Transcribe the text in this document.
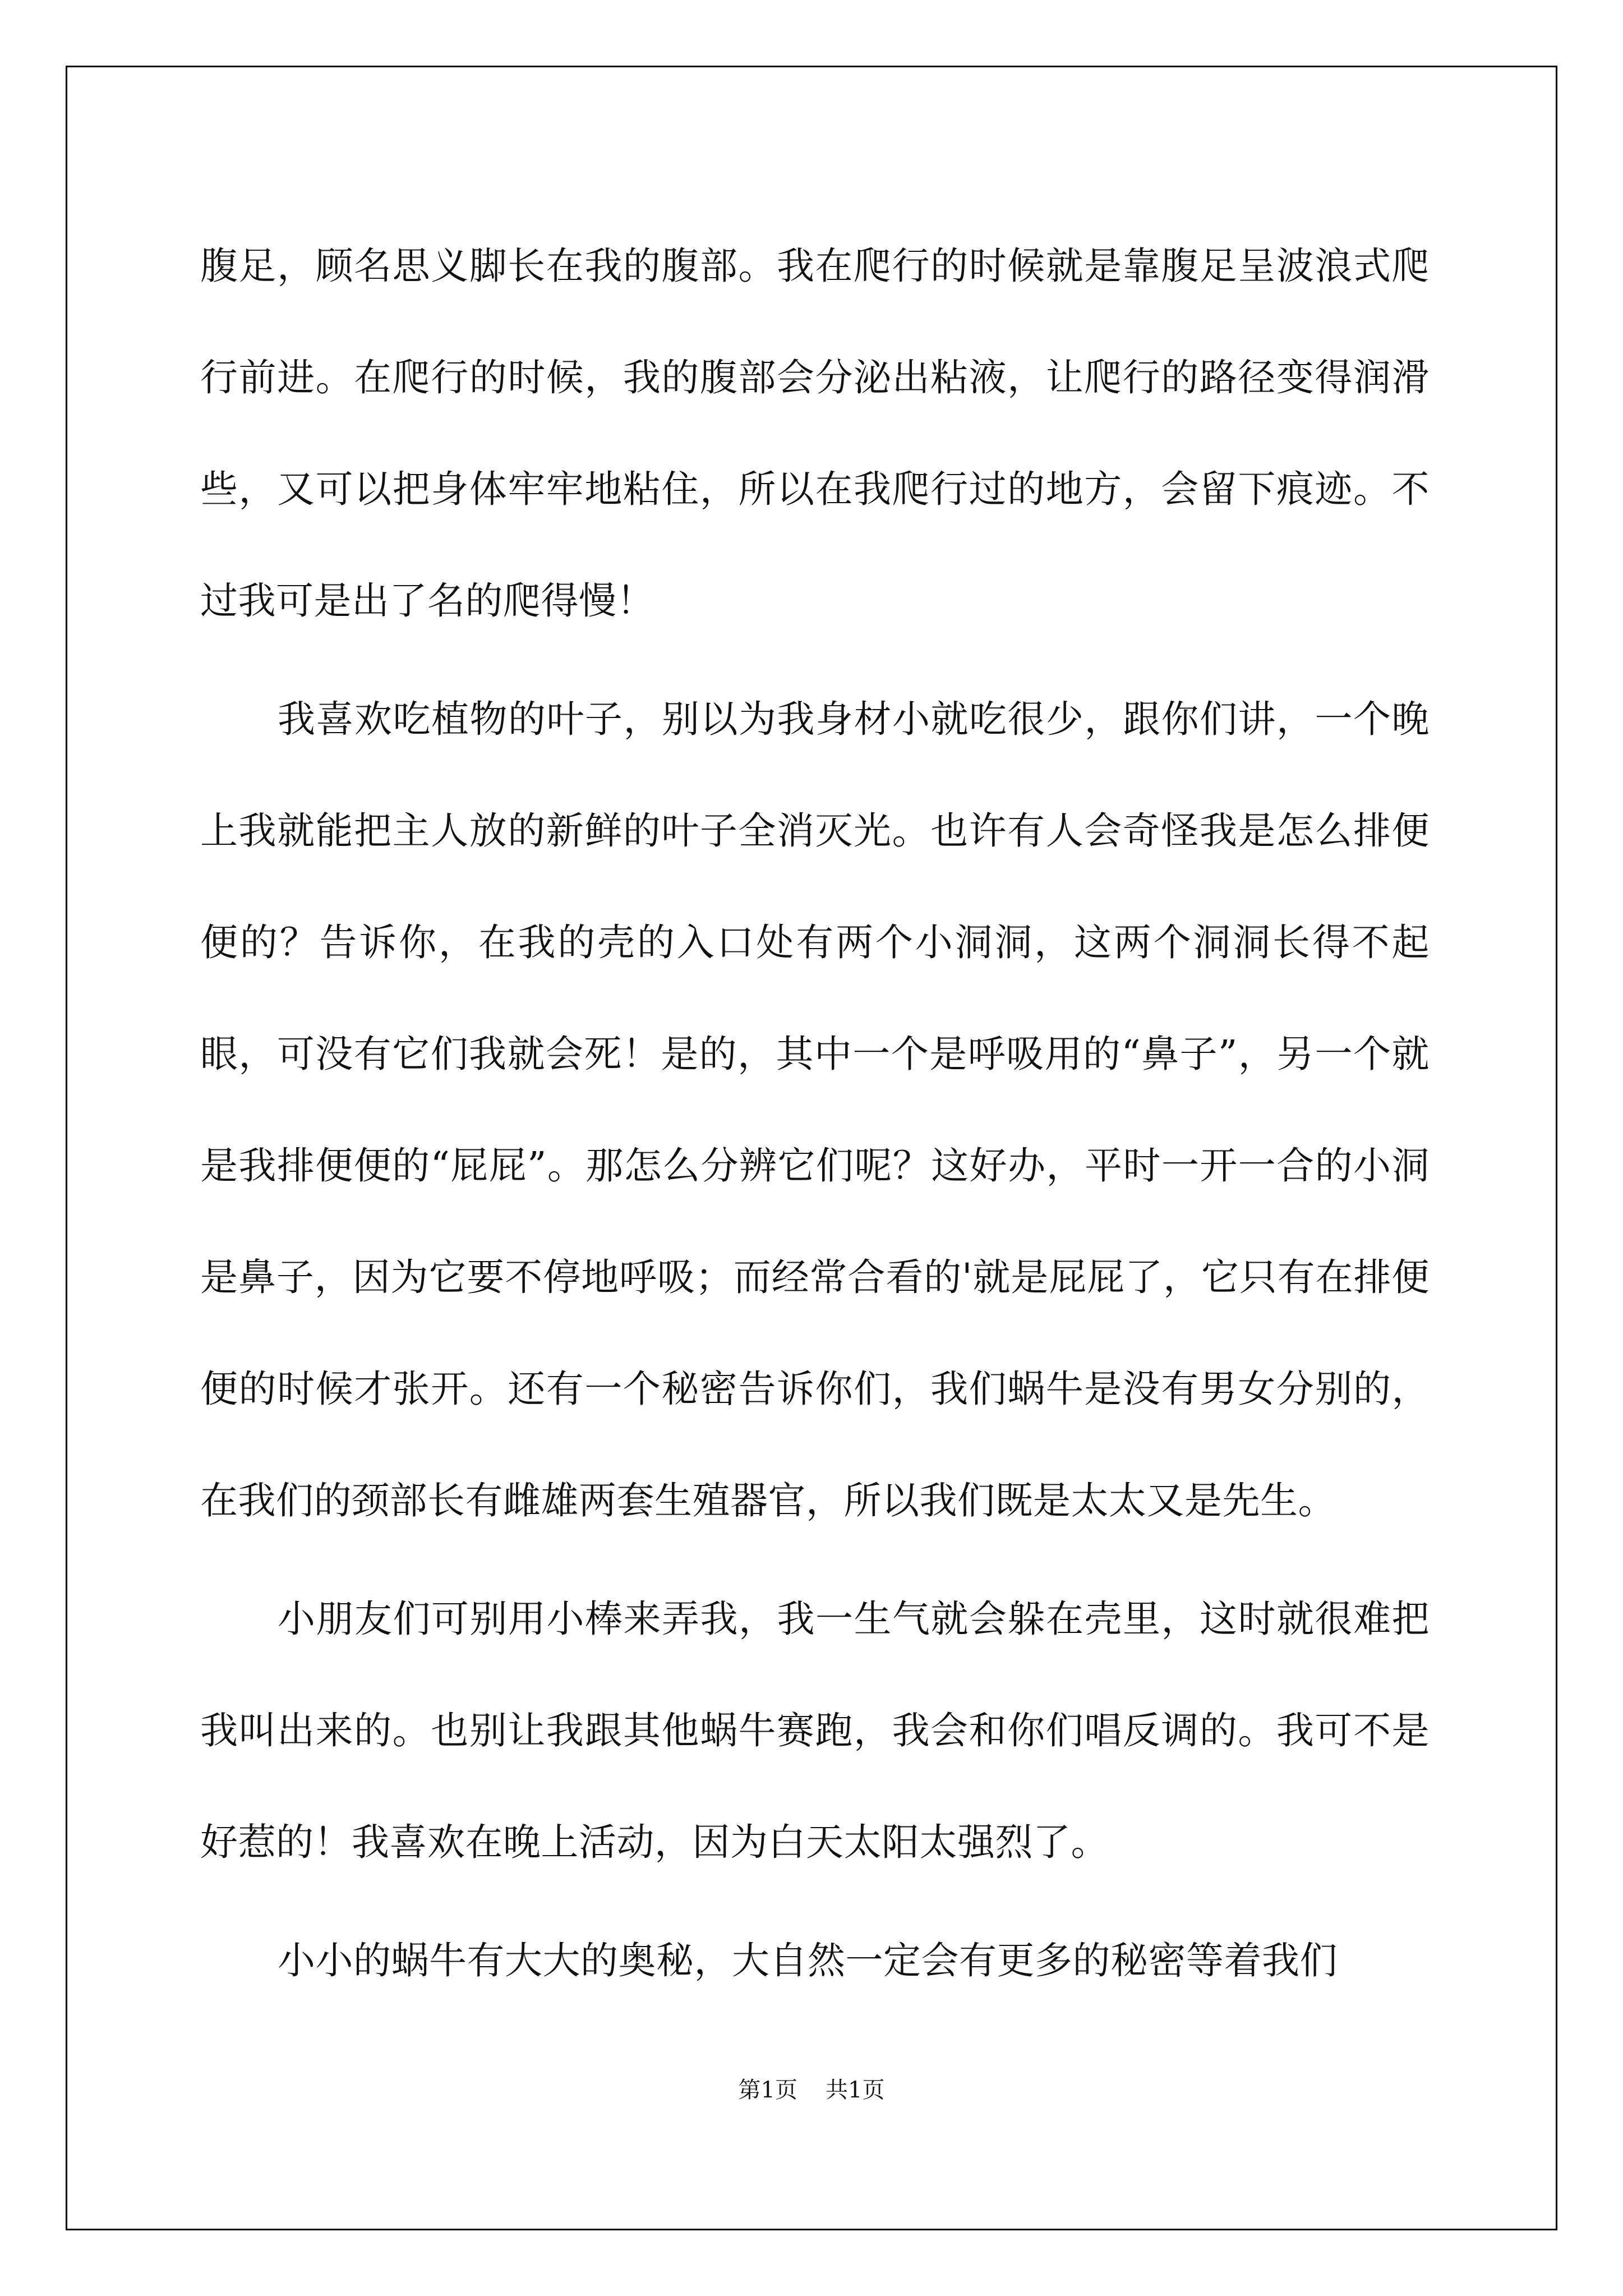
腹足，顾名思义脚长在我的腹部。我在爬行的时候就是靠腹足呈波浪式爬行前进。在爬行的时候，我的腹部会分泌出粘液，让爬行的路径变得润滑些，又可以把身体牢牢地粘住，所以在我爬行过的地方，会留下痕迹。不过我可是出了名的爬得慢！

我喜欢吃植物的叶子，别以为我身材小就吃很少，跟你们讲，一个晚上我就能把主人放的新鲜的叶子全消灭光。也许有人会奇怪我是怎么排便便的？告诉你，在我的壳的入口处有两个小洞洞，这两个洞洞长得不起眼，可没有它们我就会死！是的，其中一个是呼吸用的“鼻子”，另一个就是我排便便的“屁屁”。那怎么分辨它们呢？这好办，平时一开一合的小洞是鼻子，因为它要不停地呼吸；而经常合看的'就是屁屁了，它只有在排便便的时候才张开。还有一个秘密告诉你们，我们蜗牛是没有男女分别的，在我们的颈部长有雌雄两套生殖器官，所以我们既是太太又是先生。

小朋友们可别用小棒来弄我，我一生气就会躲在壳里，这时就很难把我叫出来的。也别让我跟其他蜗牛赛跑，我会和你们唱反调的。我可不是好惹的！我喜欢在晚上活动，因为白天太阳太强烈了。

小小的蜗牛有大大的奥秘，大自然一定会有更多的秘密等着我们

第1页 共1页
